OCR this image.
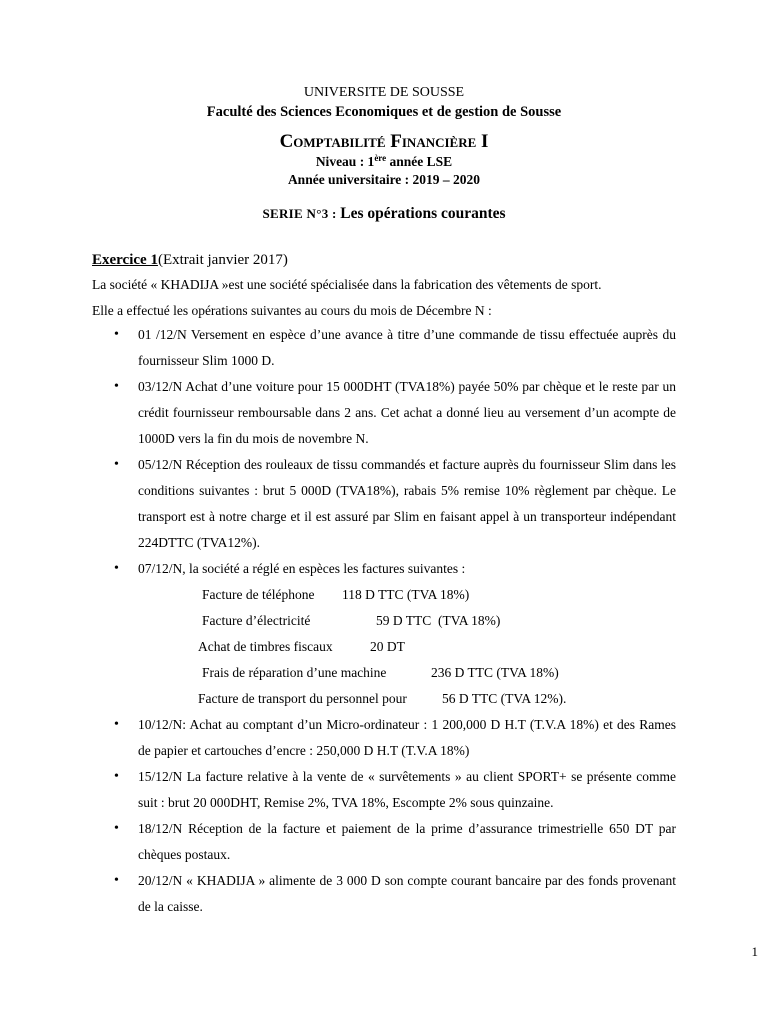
UNIVERSITE DE SOUSSE
Faculté des Sciences Economiques et de gestion de Sousse
Comptabilité Financière I
Niveau : 1ère année LSE
Année universitaire : 2019 – 2020
SERIE N°3 : Les opérations courantes
Exercice 1(Extrait janvier 2017)
La société « KHADIJA »est une société spécialisée dans la fabrication des vêtements de sport.
Elle a effectué les opérations suivantes au cours du mois de Décembre N :
• 01 /12/N Versement en espèce d’une avance à titre d’une commande de tissu effectuée auprès du fournisseur Slim 1000 D.
• 03/12/N Achat d’une voiture pour 15 000DHT (TVA18%) payée 50% par chèque et le reste par un crédit fournisseur remboursable dans 2 ans. Cet achat a donné lieu au versement d’un acompte de 1000D vers la fin du mois de novembre N.
• 05/12/N Réception des rouleaux de tissu commandés et facture auprès du fournisseur Slim dans les conditions suivantes : brut 5 000D (TVA18%), rabais 5% remise 10% règlement par chèque. Le transport est à notre charge et il est assuré par Slim en faisant appel à un transporteur indépendant 224DTTC (TVA12%).
• 07/12/N, la société a réglé en espèces les factures suivantes :
Facture de téléphone 118 D TTC (TVA 18%)
Facture d’électricité	59 D TTC  (TVA 18%)
Achat de timbres fiscaux	20 DT
Frais de réparation d’une machine	236 D TTC (TVA 18%)
Facture de transport du personnel pour	56 D TTC (TVA 12%).
• 10/12/N: Achat au comptant d’un Micro-ordinateur : 1 200,000 D H.T (T.V.A 18%) et des Rames de papier et cartouches d’encre : 250,000 D H.T (T.V.A 18%)
• 15/12/N La facture relative à la vente de « survêtements » au client SPORT+ se présente comme suit : brut 20 000DHT, Remise 2%, TVA 18%, Escompte 2% sous quinzaine.
• 18/12/N Réception de la facture et paiement de la prime d’assurance trimestrielle 650 DT par chèques postaux.
• 20/12/N « KHADIJA » alimente de 3 000 D son compte courant bancaire par des fonds provenant de la caisse.
1
